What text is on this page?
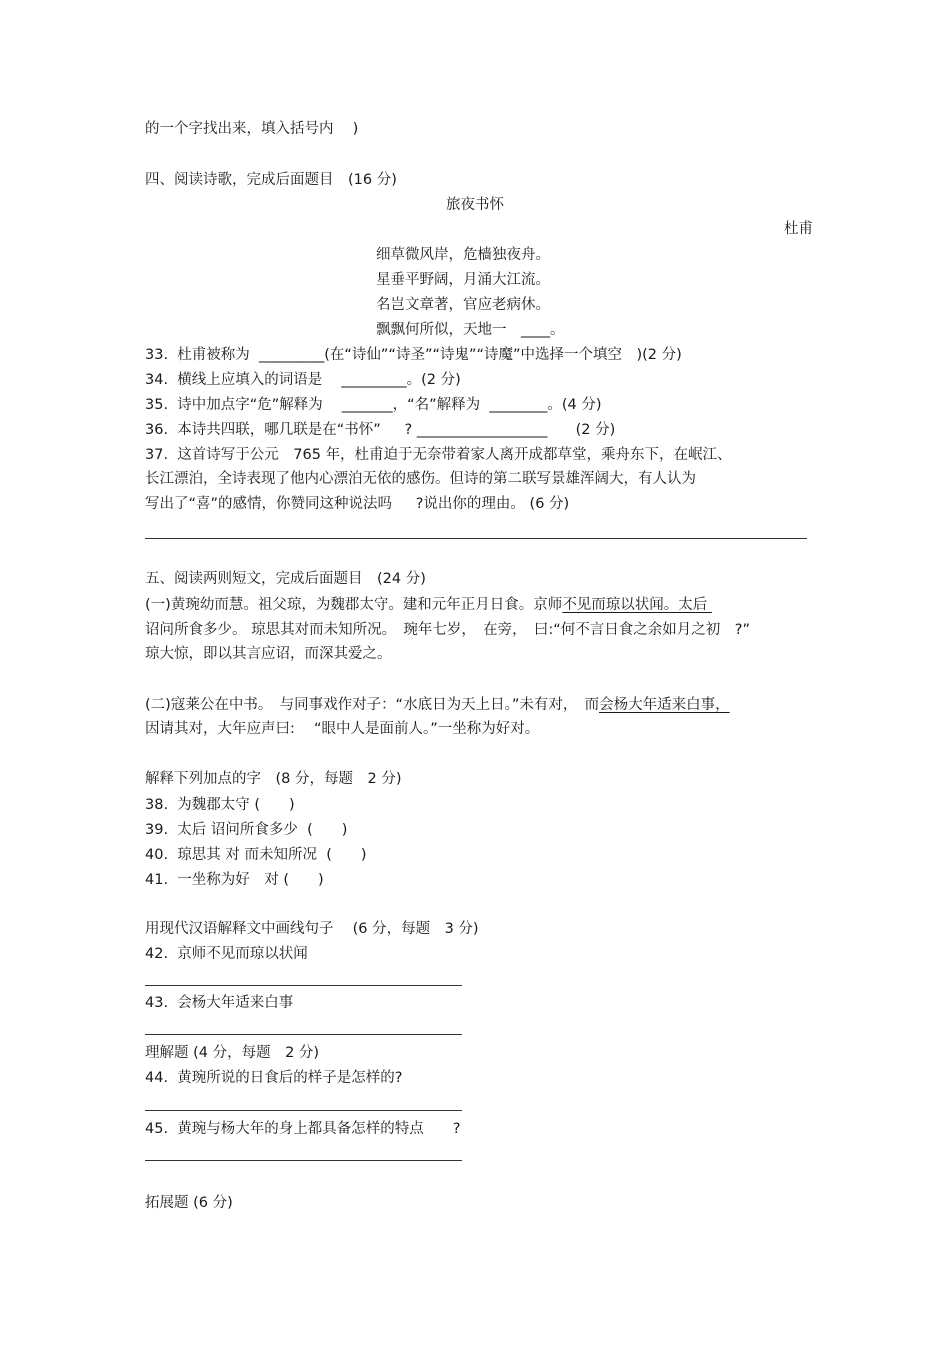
的一个字找出来，填入括号内　 )
四、阅读诗歌，完成后面题目　(16 分)
旅夜书怀
杜甫
细草微风岸，危樯独夜舟。
星垂平野阔，月涌大江流。
名岂文章著，官应老病休。
飘飘何所似，天地一　____。
33.  杜甫被称为  _________(在“诗仙”“诗圣”“诗鬼”“诗魔”中选择一个填空　)(2 分)
34.  横线上应填入的词语是　 _________。(2 分)
35.  诗中加点字“危”解释为　 _______，“名”解释为  ________。(4 分)
36.  本诗共四联，哪几联是在“书怀”　  ? __________________　   (2 分)
37.  这首诗写于公元　765 年，杜甫迫于无奈带着家人离开成都草堂，乘舟东下，在岷江、
长江漂泊，全诗表现了他内心漂泊无依的感伤。但诗的第二联写景雄浑阔大，有人认为
写出了“喜”的感情，你赞同这种说法吗　  ?说出你的理由。 (6 分)
五、阅读两则短文，完成后面题目　(24 分)
(一)黄琬幼而慧。祖父琼，为魏郡太守。建和元年正月日食。京师不见而琼以状闻。太后
诏问所食多少。 琼思其对而未知所况。　琬年七岁，　在旁，　曰:“何不言日食之余如月之初　?”
琼大惊，即以其言应诏，而深其爱之。
(二)寇莱公在中书。　与同事戏作对子：“水底日为天上日。”未有对，　而会杨大年适来白事，
因请其对，大年应声曰:　 “眼中人是面前人。”一坐称为好对。
解释下列加点的字　(8 分，每题　2 分)
38.  为魏郡太守 (　　)
39.  太后 诏问所食多少  (　　)
40.  琼思其 对 而未知所况  (　　)
41.  一坐称为好　对 (　　)
用现代汉语解释文中画线句子　 (6 分，每题　3 分)
42.  京师不见而琼以状闻
43.  会杨大年适来白事
理解题 (4 分，每题　2 分)
44.  黄琬所说的日食后的样子是怎样的?
45.  黄琬与杨大年的身上都具备怎样的特点　　?
拓展题 (6 分)
